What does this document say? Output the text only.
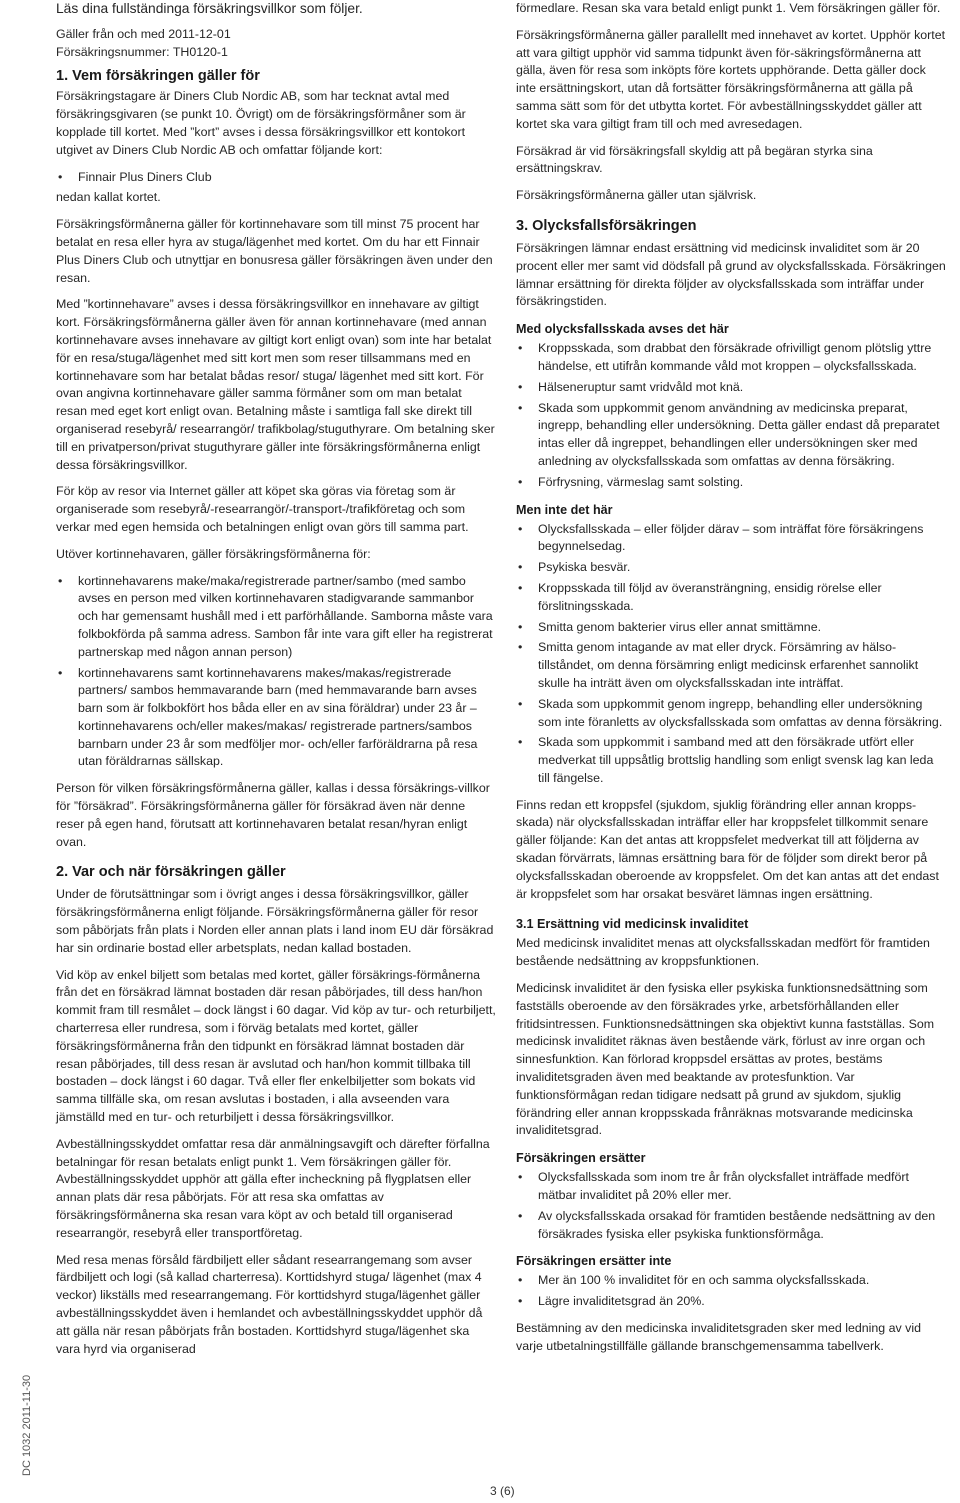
Läs dina fullständinga försäkringsvillkor som följer.

Gäller från och med 2011-12-01

Försäkringsnummer: TH0120-1

1. Vem försäkringen gäller för

Försäkringstagare är Diners Club Nordic AB, som har tecknat avtal med försäkringsgivaren (se punkt 10. Övrigt) om de försäkringsförmåner som är kopplade till kortet. Med ”kort” avses i dessa försäkringsvillkor ett kontokort utgivet av Diners Club Nordic AB och omfattar följande kort:

• Finnair Plus Diners Club

nedan kallat kortet.

Försäkringsförmånerna gäller för kortinnehavare som till minst 75 procent har betalat en resa eller hyra av stuga/lägenhet med kortet. Om du har ett Finnair Plus Diners Club och utnyttjar en bonusresa gäller försäkringen även under den resan.

Med ”kortinnehavare” avses i dessa försäkringsvillkor en innehavare av giltigt kort. Försäkringsförmånerna gäller även för annan kortinnehavare (med annan kortinnehavare avses innehavare av giltigt kort enligt ovan) som inte har betalat för en resa/stuga/lägenhet med sitt kort men som reser tillsammans med en kortinnehavare som har betalat bådas resor/ stuga/ lägenhet med sitt kort. För ovan angivna kortinnehavare gäller samma förmåner som om man betalat resan med eget kort enligt ovan. Betalning måste i samtliga fall ske direkt till organiserad resebyrå/ researrangör/ trafikbolag/stuguthyrare. Om betalning sker till en privatperson/privat stuguthyrare gäller inte försäkringsförmånerna enligt dessa försäkringsvillkor.

För köp av resor via Internet gäller att köpet ska göras via företag som är organiserade som resebyrå/-researrangör/-transport-/trafikföretag och som verkar med egen hemsida och betalningen enligt ovan görs till samma part.

Utöver kortinnehavaren, gäller försäkringsförmånerna för:

• kortinnehavarens make/maka/registrerade partner/sambo (med sambo avses en person med vilken kortinnehavaren stadigvarande sammanbor och har gemensamt hushåll med i ett parförhållande. Samborna måste vara folkbokförda på samma adress. Sambon får inte vara gift eller ha registrerat partnerskap med någon annan person)
• kortinnehavarens samt kortinnehavarens makes/makas/registrerade partners/ sambos hemmavarande barn (med hemmavarande barn avses barn som är folkbokfört hos båda eller en av sina föräldrar) under 23 år – kortinnehavarens och/eller makes/makas/ registrerade partners/sambos barnbarn under 23 år som medföljer mor- och/eller farföräldrarna på resa utan föräldrarnas sällskap.

Person för vilken försäkringsförmånerna gäller, kallas i dessa försäkrings-villkor för ”försäkrad”. Försäkringsförmånerna gäller för försäkrad även när denne reser på egen hand, förutsatt att kortinnehavaren betalat resan/hyran enligt ovan.

2. Var och när försäkringen gäller

Under de förutsättningar som i övrigt anges i dessa försäkringsvillkor, gäller försäkringsförmånerna enligt följande. Försäkringsförmånerna gäller för resor som påbörjats från plats i Norden eller annan plats i land inom EU där försäkrad har sin ordinarie bostad eller arbetsplats, nedan kallad bostaden.

Vid köp av enkel biljett som betalas med kortet, gäller försäkrings-förmånerna från det en försäkrad lämnat bostaden där resan påbörjades, till dess han/hon kommit fram till resmålet – dock längst i 60 dagar. Vid köp av tur- och returbiljett, charterresa eller rundresa, som i förväg betalats med kortet, gäller försäkringsförmånerna från den tidpunkt en försäkrad lämnat bostaden där resan påbörjades, till dess resan är avslutad och han/hon kommit tillbaka till bostaden – dock längst i 60 dagar. Två eller fler enkelbiljetter som bokats vid samma tillfälle ska, om resan avslutas i bostaden, i alla avseenden vara jämställd med en tur- och returbiljett i dessa försäkringsvillkor.

Avbeställningsskyddet omfattar resa där anmälningsavgift och därefter förfallna betalningar för resan betalats enligt punkt 1. Vem försäkringen gäller för. Avbeställningsskyddet upphör att gälla efter incheckning på flygplatsen eller annan plats där resa påbörjats. För att resa ska omfattas av försäkringsförmånerna ska resan vara köpt av och betald till organiserad researrangör, resebyrå eller transportföretag.

Med resa menas försåld färdbiljett eller sådant researrangemang som avser färdbiljett och logi (så kallad charterresa). Korttidshyrd stuga/ lägenhet (max 4 veckor) likställs med researrangemang. För korttidshyrd stuga/lägenhet gäller avbeställningsskyddet även i hemlandet och avbeställningsskyddet upphör då att gälla när resan påbörjats från bostaden. Korttidshyrd stuga/lägenhet ska vara hyrd via organiserad

förmedlare. Resan ska vara betald enligt punkt 1. Vem försäkringen gäller för.

Försäkringsförmånerna gäller parallellt med innehavet av kortet. Upphör kortet att vara giltigt upphör vid samma tidpunkt även för-säkringsförmånerna att gälla, även för resa som inköpts före kortets upphörande. Detta gäller dock inte ersättningskort, utan då fortsätter försäkringsförmånerna att gälla på samma sätt som för det utbytta kortet. För avbeställningsskyddet gäller att kortet ska vara giltigt fram till och med avresedagen.

Försäkrad är vid försäkringsfall skyldig att på begäran styrka sina ersättningskrav.

Försäkringsförmånerna gäller utan självrisk.

3. Olycksfallsförsäkringen

Försäkringen lämnar endast ersättning vid medicinsk invaliditet som är 20 procent eller mer samt vid dödsfall på grund av olycksfallsskada. Försäkringen lämnar ersättning för direkta följder av olycksfallsskada som inträffar under försäkringstiden.

Med olycksfallsskada avses det här
• Kroppsskada, som drabbat den försäkrade ofrivilligt genom plötslig yttre händelse, ett utifrån kommande våld mot kroppen – olycksfallsskada.
• Hälseneruptur samt vridvåld mot knä.
• Skada som uppkommit genom användning av medicinska preparat, ingrepp, behandling eller undersökning. Detta gäller endast då preparatet intas eller då ingreppet, behandlingen eller undersökningen sker med anledning av olycksfallsskada som omfattas av denna försäkring.
• Förfrysning, värmeslag samt solsting.
Men inte det här
• Olycksfallsskada – eller följder därav – som inträffat före försäkringens begynnelsedag.
• Psykiska besvär.
• Kroppsskada till följd av överansträngning, ensidig rörelse eller förslitningsskada.
• Smitta genom bakterier virus eller annat smittämne.
• Smitta genom intagande av mat eller dryck. Försämring av hälso-tillståndet, om denna försämring enligt medicinsk erfarenhet sannolikt skulle ha inträtt även om olycksfallsskadan inte inträffat.
• Skada som uppkommit genom ingrepp, behandling eller undersökning som inte föranletts av olycksfallsskada som omfattas av denna försäkring.
• Skada som uppkommit i samband med att den försäkrade utfört eller medverkat till uppsåtlig brottslig handling som enligt svensk lag kan leda till fängelse.

Finns redan ett kroppsfel (sjukdom, sjuklig förändring eller annan kropps-skada) när olycksfallsskadan inträffar eller har kroppsfelet tillkommit senare gäller följande: Kan det antas att kroppsfelet medverkat till att följderna av skadan förvärrats, lämnas ersättning bara för de följder som direkt beror på olycksfallsskadan oberoende av kroppsfelet. Om det kan antas att det endast är kroppsfelet som har orsakat besväret lämnas ingen ersättning.

3.1 Ersättning vid medicinsk invaliditet

Med medicinsk invaliditet menas att olycksfallsskadan medfört för framtiden bestående nedsättning av kroppsfunktionen.

Medicinsk invaliditet är den fysiska eller psykiska funktionsnedsättning som fastställs oberoende av den försäkrades yrke, arbetsförhållanden eller fritidsintressen. Funktionsnedsättningen ska objektivt kunna fastställas. Som medicinsk invaliditet räknas även bestående värk, förlust av inre organ och sinnesfunktion. Kan förlorad kroppsdel ersättas av protes, bestäms invaliditetsgraden även med beaktande av protesfunktion. Var funktionsförmågan redan tidigare nedsatt på grund av sjukdom, sjuklig förändring eller annan kroppsskada frånräknas motsvarande medicinska invaliditetsgrad.

Försäkringen ersätter
• Olycksfallsskada som inom tre år från olycksfallet inträffade medfört mätbar invaliditet på 20% eller mer.
• Av olycksfallsskada orsakad för framtiden bestående nedsättning av den försäkrades fysiska eller psykiska funktionsförmåga.
Försäkringen ersätter inte
• Mer än 100 % invaliditet för en och samma olycksfallsskada.
• Lägre invaliditetsgrad än 20%.

Bestämning av den medicinska invaliditetsgraden sker med ledning av vid varje utbetalningstillfälle gällande branschgemensamma tabellverk.

DC 1032 2011-11-30
3 (6)
